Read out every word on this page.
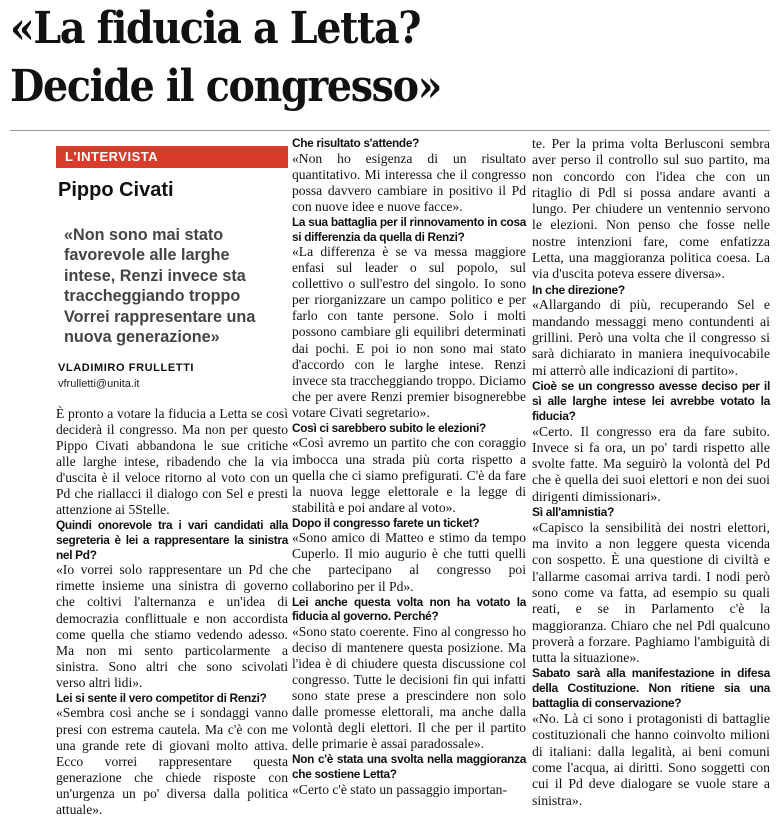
«La fiducia a Letta?
Decide il congresso»
L'INTERVISTA
Pippo Civati

«Non sono mai stato favorevole alle larghe intese, Renzi invece sta traccheggiando troppo Vorrei rappresentare una nuova generazione»

VLADIMIRO FRULLETTI
vfrulletti@unita.it

È pronto a votare la fiducia a Letta se così deciderà il congresso. Ma non per questo Pippo Civati abbandona le sue critiche alle larghe intese, ribadendo che la via d'uscita è il veloce ritorno al voto con un Pd che riallacci il dialogo con Sel e presti attenzione ai 5Stelle.

Quindi onorevole tra i vari candidati alla segreteria è lei a rappresentare la sinistra nel Pd?

«Io vorrei solo rappresentare un Pd che rimette insieme una sinistra di governo che coltivi l'alternanza e un'idea di democrazia conflittuale e non accordista come quella che stiamo vedendo adesso. Ma non mi sento particolarmente a sinistra. Sono altri che sono scivolati verso altri lidi».

Lei si sente il vero competitor di Renzi?

«Sembra così anche se i sondaggi vanno presi con estrema cautela. Ma c'è con me una grande rete di giovani molto attiva. Ecco vorrei rappresentare questa generazione che chiede risposte con un'urgenza un po' diversa dalla politica attuale».

Che risultato s'attende?

«Non ho esigenza di un risultato quantitativo. Mi interessa che il congresso possa davvero cambiare in positivo il Pd con nuove idee e nuove facce».

La sua battaglia per il rinnovamento in cosa si differenzia da quella di Renzi?

«La differenza è se va messa maggiore enfasi sul leader o sul popolo, sul collettivo o sull'estro del singolo. Io sono per riorganizzare un campo politico e per farlo con tante persone. Solo i molti possono cambiare gli equilibri determinati dai pochi. E poi io non sono mai stato d'accordo con le larghe intese. Renzi invece sta traccheggiando troppo. Diciamo che per avere Renzi premier bisognerebbe votare Civati segretario».

Così ci sarebbero subito le elezioni?

«Così avremo un partito che con coraggio imbocca una strada più corta rispetto a quella che ci siamo prefigurati. C'è da fare la nuova legge elettorale e la legge di stabilità e poi andare al voto».

Dopo il congresso farete un ticket?

«Sono amico di Matteo e stimo da tempo Cuperlo. Il mio augurio è che tutti quelli che partecipano al congresso poi collaborino per il Pd».

Lei anche questa volta non ha votato la fiducia al governo. Perché?

«Sono stato coerente. Fino al congresso ho deciso di mantenere questa posizione. Ma l'idea è di chiudere questa discussione col congresso. Tutte le decisioni fin qui infatti sono state prese a prescindere non solo dalle promesse elettorali, ma anche dalla volontà degli elettori. Il che per il partito delle primarie è assai paradossale».

Non c'è stata una svolta nella maggioranza che sostiene Letta?

«Certo c'è stato un passaggio importan-

te. Per la prima volta Berlusconi sembra aver perso il controllo sul suo partito, ma non concordo con l'idea che con un ritaglio di Pdl si possa andare avanti a lungo. Per chiudere un ventennio servono le elezioni. Non penso che fosse nelle nostre intenzioni fare, come enfatizza Letta, una maggioranza politica coesa. La via d'uscita poteva essere diversa».

In che direzione?

«Allargando di più, recuperando Sel e mandando messaggi meno contundenti ai grillini. Però una volta che il congresso si sarà dichiarato in maniera inequivocabile mi atterrò alle indicazioni di partito».

Cioè se un congresso avesse deciso per il sì alle larghe intese lei avrebbe votato la fiducia?

«Certo. Il congresso era da fare subito. Invece si fa ora, un po' tardi rispetto alle svolte fatte. Ma seguirò la volontà del Pd che è quella dei suoi elettori e non dei suoi dirigenti dimissionari».

Sì all'amnistia?

«Capisco la sensibilità dei nostri elettori, ma invito a non leggere questa vicenda con sospetto. È una questione di civiltà e l'allarme casomai arriva tardi. I nodi però sono come va fatta, ad esempio su quali reati, e se in Parlamento c'è la maggioranza. Chiaro che nel Pdl qualcuno proverà a forzare. Paghiamo l'ambiguità di tutta la situazione».

Sabato sarà alla manifestazione in difesa della Costituzione. Non ritiene sia una battaglia di conservazione?

«No. Là ci sono i protagonisti di battaglie costituzionali che hanno coinvolto milioni di italiani: dalla legalità, ai beni comuni come l'acqua, ai diritti. Sono soggetti con cui il Pd deve dialogare se vuole stare a sinistra».
